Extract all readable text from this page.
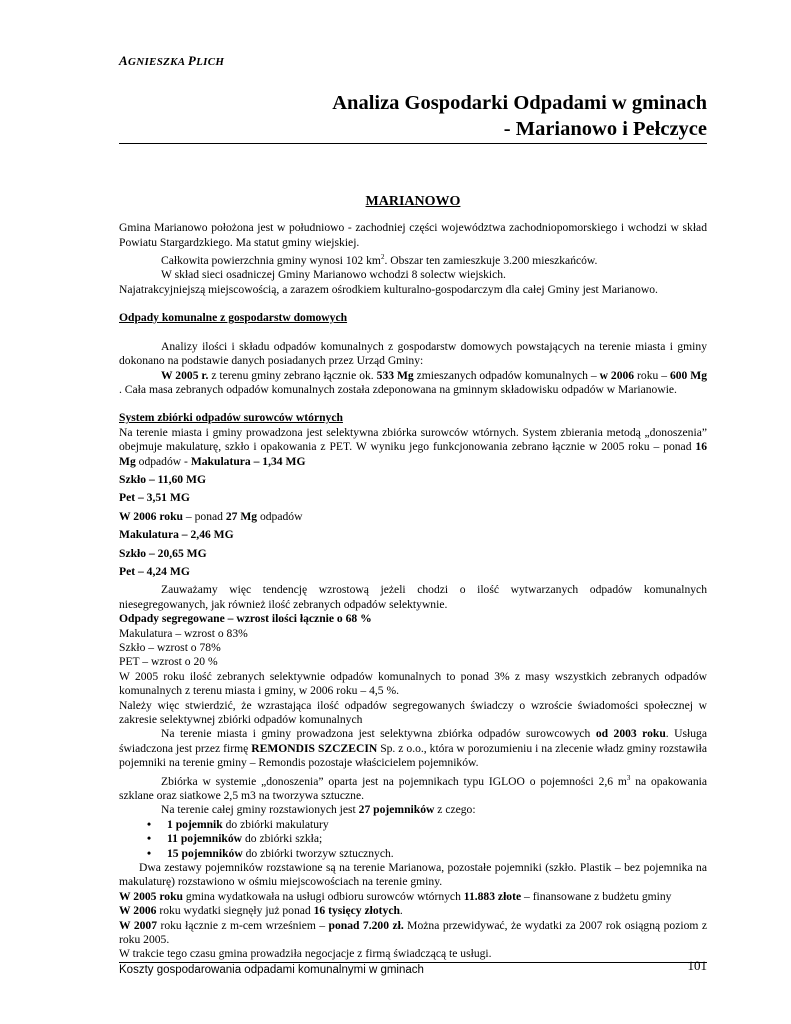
AGNIESZKA PLICH
Analiza Gospodarki Odpadami w gminach
- Marianowo i Pełczyce
MARIANOWO

Gmina Marianowo położona jest w południowo - zachodniej części województwa zachodniopomorskiego i wchodzi w skład Powiatu Stargardzkiego. Ma statut gminy wiejskiej.

Całkowita powierzchnia gminy wynosi 102 $km^2$. Obszar ten zamieszkuje 3.200 mieszkańców.

W skład sieci osadniczej Gminy Marianowo wchodzi 8 solectw wiejskich.

Najatrakcyjniejszą miejscowością, a zarazem ośrodkiem kulturalno-gospodarczym dla całej Gminy jest Marianowo.

Odpady komunalne z gospodarstw domowych

Analizy ilości i składu odpadów komunalnych z gospodarstw domowych powstających na terenie miasta i gminy dokonano na podstawie danych posiadanych przez Urząd Gminy:

W 2005 r. z terenu gminy zebrano łącznie ok. 533 Mg zmieszanych odpadów komunalnych – w 2006 roku – 600 Mg . Cała masa zebranych odpadów komunalnych została zdeponowana na gminnym składowisku odpadów w Marianowie.

System zbiórki odpadów surowców wtórnych

Na terenie miasta i gminy prowadzona jest selektywna zbiórka surowców wtórnych. System zbierania metodą „donoszenia” obejmuje makulaturę, szkło i opakowania z PET. W wyniku jego funkcjonowania zebrano łącznie w 2005 roku – ponad 16 Mg odpadów - Makulatura – 1,34 MG

Szkło – 11,60 MG
Pet – 3,51 MG
W 2006 roku – ponad 27 Mg odpadów
Makulatura – 2,46 MG
Szkło – 20,65 MG
Pet – 4,24 MG

Zauważamy więc tendencję wzrostową jeżeli chodzi o ilość wytwarzanych odpadów komunalnych niesegregowanych, jak również ilość zebranych odpadów selektywnie.

Odpady segregowane – wzrost ilości łącznie o 68 %

Makulatura – wzrost o 83%

Szkło – wzrost o 78%

PET – wzrost o 20 %

W 2005 roku ilość zebranych selektywnie odpadów komunalnych to ponad 3% z masy wszystkich zebranych odpadów komunalnych z terenu miasta i gminy, w 2006 roku – 4,5 %.

Należy więc stwierdzić, że wzrastająca ilość odpadów segregowanych świadczy o wzroście świadomości społecznej w zakresie selektywnej zbiórki odpadów komunalnych

Na terenie miasta i gminy prowadzona jest selektywna zbiórka odpadów surowcowych od 2003 roku. Usługa świadczona jest przez firmę REMONDIS SZCZECIN Sp. z o.o., która w porozumieniu i na zlecenie władz gminy rozstawiła pojemniki na terenie gminy – Remondis pozostaje właścicielem pojemników.

Zbiórka w systemie „donoszenia” oparta jest na pojemnikach typu IGLOO o pojemności 2,6 $m^3$ na opakowania szklane oraz siatkowe 2,5 m3 na tworzywa sztuczne.

Na terenie całej gminy rozstawionych jest 27 pojemników z czego:

• 1 pojemnik do zbiórki makulatury
• 11 pojemników do zbiórki szkła;
• 15 pojemników do zbiórki tworzyw sztucznych.

Dwa zestawy pojemników rozstawione są na terenie Marianowa, pozostałe pojemniki (szkło. Plastik – bez pojemnika na makulaturę) rozstawiono w ośmiu miejscowościach na terenie gminy.

W 2005 roku gmina wydatkowała na usługi odbioru surowców wtórnych 11.883 złote – finansowane z budżetu gminy

W 2006 roku wydatki siegnęły już ponad 16 tysięcy złotych.

W 2007 roku łącznie z m-cem wrześniem – ponad 7.200 zł. Można przewidywać, że wydatki za 2007 rok osiągną poziom z roku 2005.

W trakcie tego czasu gmina prowadziła negocjacje z firmą świadczącą te usługi.

Koszty gospodarowania odpadami komunalnymi w gminach	101
